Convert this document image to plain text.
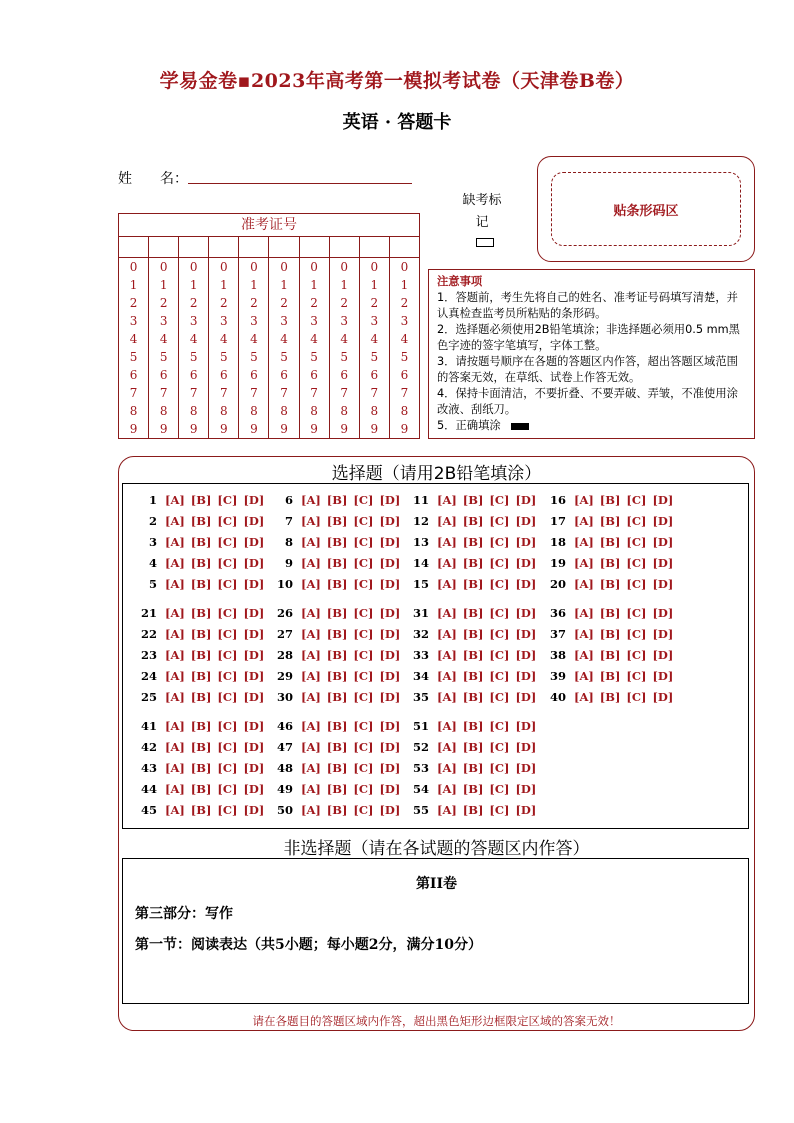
学易金卷▪2023年高考第一模拟考试卷（天津卷B卷）
英语 · 答题卡
姓　　名：
缺考标记
贴条形码区
准考证号
0
1
2
3
4
5
6
7
8
9
0
1
2
3
4
5
6
7
8
9
0
1
2
3
4
5
6
7
8
9
0
1
2
3
4
5
6
7
8
9
0
1
2
3
4
5
6
7
8
9
0
1
2
3
4
5
6
7
8
9
0
1
2
3
4
5
6
7
8
9
0
1
2
3
4
5
6
7
8
9
0
1
2
3
4
5
6
7
8
9
0
1
2
3
4
5
6
7
8
9
注意事项
1．答题前，考生先将自己的姓名、准考证号码填写清楚，并认真检查监考员所粘贴的条形码。
2．选择题必须使用2B铅笔填涂；非选择题必须用0.5 mm黑色字迹的签字笔填写，字体工整。
3．请按题号顺序在各题的答题区内作答，超出答题区域范围的答案无效，在草纸、试卷上作答无效。
4．保持卡面清洁，不要折叠、不要弄破、弄皱，不准使用涂改液、刮纸刀。
5．正确填涂
选择题（请用2B铅笔填涂）
1 [A] [B] [C] [D]
2 [A] [B] [C] [D]
3 [A] [B] [C] [D]
4 [A] [B] [C] [D]
5 [A] [B] [C] [D]
6 [A] [B] [C] [D]
7 [A] [B] [C] [D]
8 [A] [B] [C] [D]
9 [A] [B] [C] [D]
10 [A] [B] [C] [D]
11 [A] [B] [C] [D]
12 [A] [B] [C] [D]
13 [A] [B] [C] [D]
14 [A] [B] [C] [D]
15 [A] [B] [C] [D]
16 [A] [B] [C] [D]
17 [A] [B] [C] [D]
18 [A] [B] [C] [D]
19 [A] [B] [C] [D]
20 [A] [B] [C] [D]
21 [A] [B] [C] [D]
22 [A] [B] [C] [D]
23 [A] [B] [C] [D]
24 [A] [B] [C] [D]
25 [A] [B] [C] [D]
26 [A] [B] [C] [D]
27 [A] [B] [C] [D]
28 [A] [B] [C] [D]
29 [A] [B] [C] [D]
30 [A] [B] [C] [D]
31 [A] [B] [C] [D]
32 [A] [B] [C] [D]
33 [A] [B] [C] [D]
34 [A] [B] [C] [D]
35 [A] [B] [C] [D]
36 [A] [B] [C] [D]
37 [A] [B] [C] [D]
38 [A] [B] [C] [D]
39 [A] [B] [C] [D]
40 [A] [B] [C] [D]
41 [A] [B] [C] [D]
42 [A] [B] [C] [D]
43 [A] [B] [C] [D]
44 [A] [B] [C] [D]
45 [A] [B] [C] [D]
46 [A] [B] [C] [D]
47 [A] [B] [C] [D]
48 [A] [B] [C] [D]
49 [A] [B] [C] [D]
50 [A] [B] [C] [D]
51 [A] [B] [C] [D]
52 [A] [B] [C] [D]
53 [A] [B] [C] [D]
54 [A] [B] [C] [D]
55 [A] [B] [C] [D]
非选择题（请在各试题的答题区内作答）
第II卷
第三部分：写作
第一节：阅读表达（共5小题；每小题2分，满分10分）
请在各题目的答题区域内作答，超出黑色矩形边框限定区域的答案无效！
